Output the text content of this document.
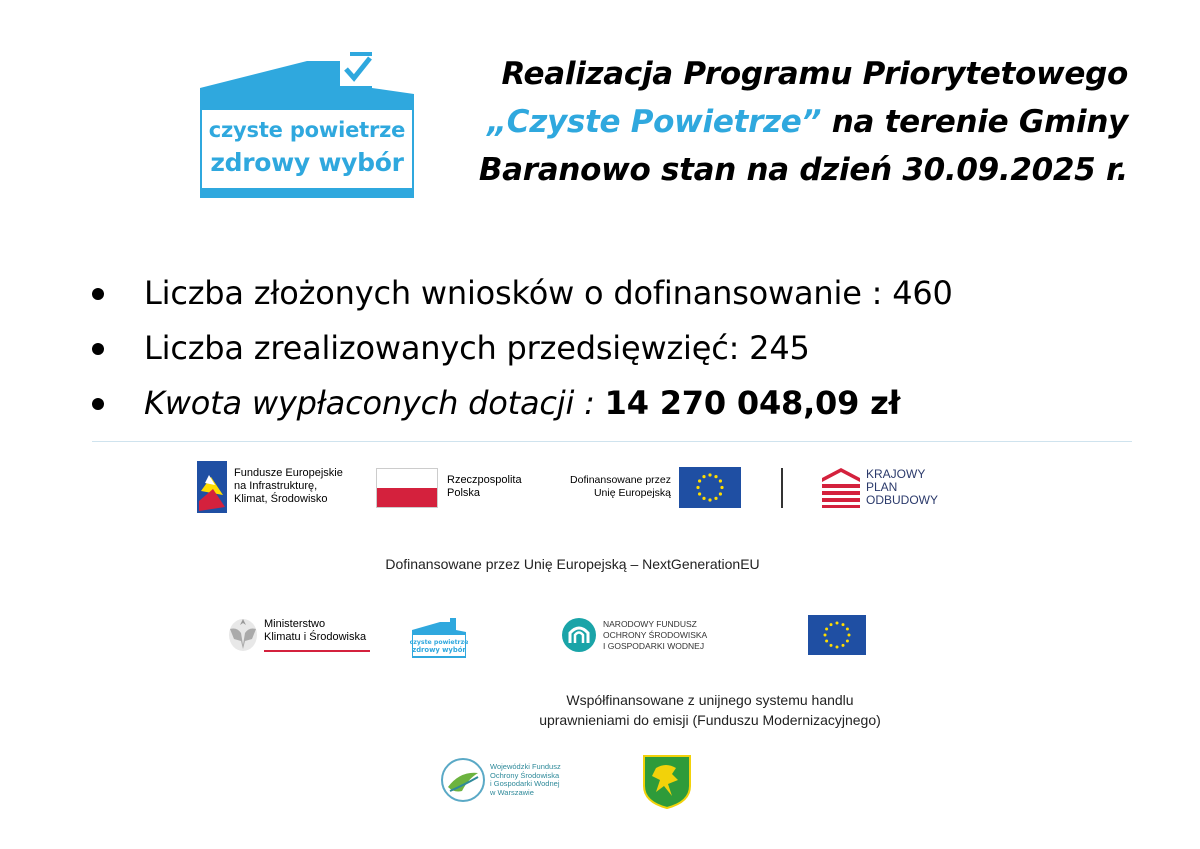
czyste powietrze
zdrowy wybór
Realizacja Programu Priorytetowego
„Czyste Powietrze” na terenie Gminy
Baranowo stan na dzień 30.09.2025 r.
Liczba złożonych wniosków o dofinansowanie : 460
Liczba zrealizowanych przedsięwzięć: 245
Kwota wypłaconych dotacji : 14 270 048,09 zł
Fundusze Europejskie
na Infrastrukturę,
Klimat, Środowisko
Rzeczpospolita
Polska
Dofinansowane przez
Unię Europejską
KRAJOWY
PLAN
ODBUDOWY
Dofinansowane przez Unię Europejską – NextGenerationEU
Ministerstwo
Klimatu i Środowiska	czyste powietrze
zdrowy wybór
NARODOWY FUNDUSZ
OCHRONY ŚRODOWISKA
I GOSPODARKI WODNEJ
Współfinansowane z unijnego systemu handlu
uprawnieniami do emisji (Funduszu Modernizacyjnego)
Wojewódzki Fundusz
Ochrony Środowiska
i Gospodarki Wodnej
w Warszawie
